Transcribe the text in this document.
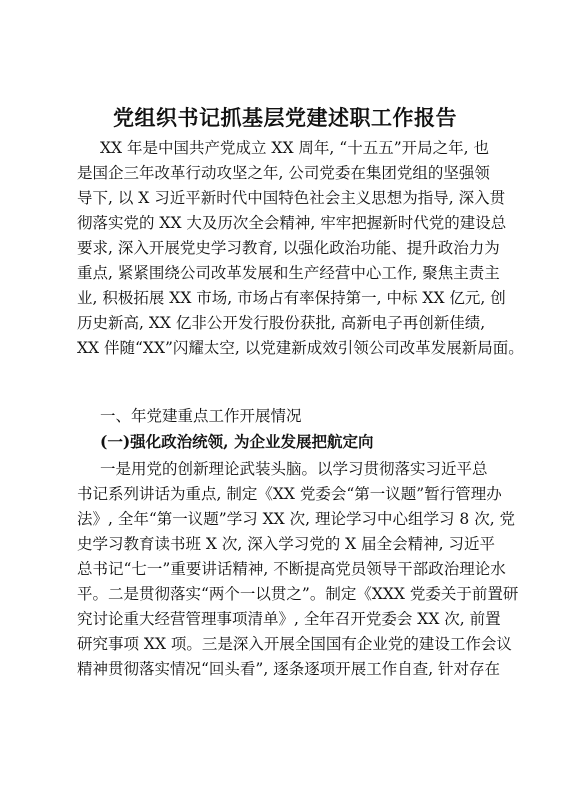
党组织书记抓基层党建述职工作报告
XX 年是中国共产党成立 XX 周年, “十五五”开局之年, 也
是国企三年改革行动攻坚之年, 公司党委在集团党组的坚强领
导下, 以 X 习近平新时代中国特色社会主义思想为指导, 深入贯
彻落实党的 XX 大及历次全会精神, 牢牢把握新时代党的建设总
要求, 深入开展党史学习教育, 以强化政治功能、提升政治力为
重点, 紧紧围绕公司改革发展和生产经营中心工作, 聚焦主责主
业, 积极拓展 XX 市场, 市场占有率保持第一, 中标 XX 亿元, 创
历史新高, XX 亿非公开发行股份获批, 高新电子再创新佳绩,
XX 伴随“XX”闪耀太空, 以党建新成效引领公司改革发展新局面。
一、年党建重点工作开展情况
(一)强化政治统领, 为企业发展把航定向
一是用党的创新理论武装头脑。以学习贯彻落实习近平总
书记系列讲话为重点, 制定《XX 党委会“第一议题”暂行管理办
法》, 全年“第一议题”学习 XX 次, 理论学习中心组学习 8 次, 党
史学习教育读书班 X 次, 深入学习党的 X 届全会精神, 习近平
总书记“七一”重要讲话精神, 不断提高党员领导干部政治理论水
平。二是贯彻落实“两个一以贯之”。制定《XXX 党委关于前置研
究讨论重大经营管理事项清单》, 全年召开党委会 XX 次, 前置
研究事项 XX 项。三是深入开展全国国有企业党的建设工作会议
精神贯彻落实情况“回头看”, 逐条逐项开展工作自查, 针对存在
